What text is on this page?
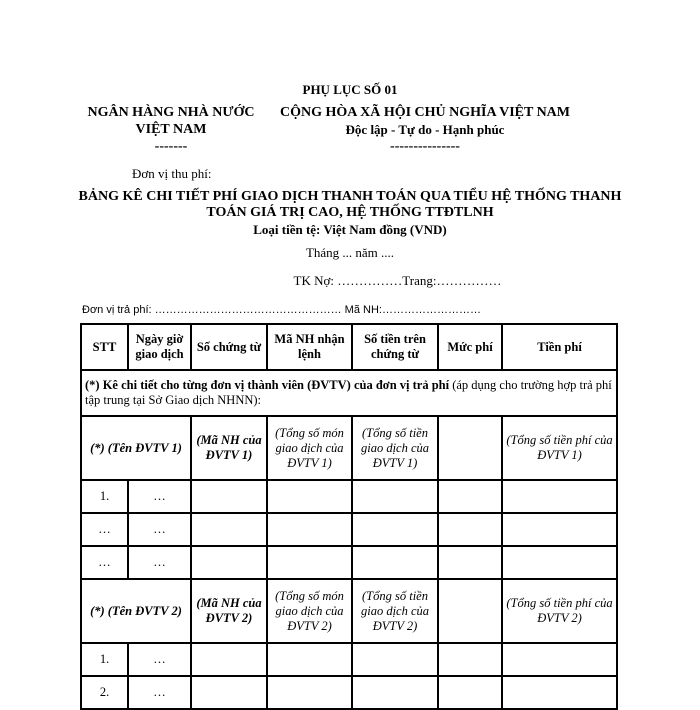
PHỤ LỤC SỐ 01
NGÂN HÀNG NHÀ NƯỚC
VIỆT NAM
-------
CỘNG HÒA XÃ HỘI CHỦ NGHĨA VIỆT NAM
Độc lập - Tự do - Hạnh phúc
---------------
Đơn vị thu phí:
BẢNG KÊ CHI TIẾT PHÍ GIAO DỊCH THANH TOÁN QUA TIỂU HỆ THỐNG THANH
TOÁN GIÁ TRỊ CAO, HỆ THỐNG TTĐTLNH
Loại tiền tệ: Việt Nam đồng (VND)
Tháng ... năm ....
TK Nợ: ……………Trang:……………
Đơn vị trả phí: …………………………………………… Mã NH:………………………
STT	Ngày giờ giao dịch	Số chứng từ	Mã NH nhận lệnh	Số tiền trên chứng từ	Mức phí	Tiền phí
(*) Kê chi tiết cho từng đơn vị thành viên (ĐVTV) của đơn vị trả phí (áp dụng cho trường hợp trả phí tập trung tại Sở Giao dịch NHNN):						
(*) (Tên ĐVTV 1)		(Mã NH của ĐVTV 1)	(Tổng số món giao dịch của ĐVTV 1)	(Tổng số tiền giao dịch của ĐVTV 1)		(Tổng số tiền phí của ĐVTV 1)
1.	…					
…	…					
…	…					
(*) (Tên ĐVTV 2)		(Mã NH của ĐVTV 2)	(Tổng số món giao dịch của ĐVTV 2)	(Tổng số tiền giao dịch của ĐVTV 2)		(Tổng số tiền phí của ĐVTV 2)
1.	…					
2.	…					
